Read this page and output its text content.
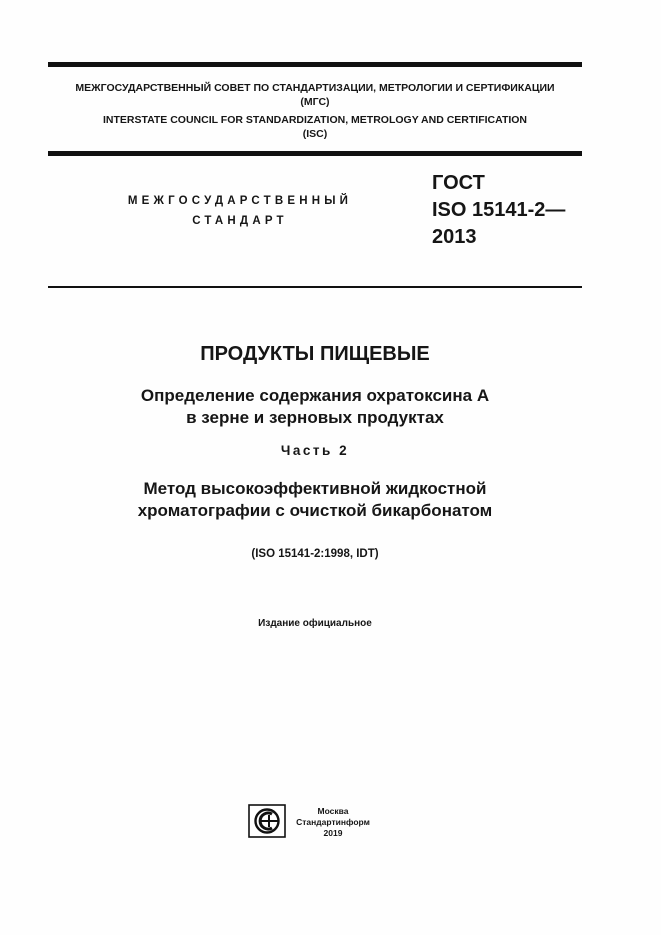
МЕЖГОСУДАРСТВЕННЫЙ СОВЕТ ПО СТАНДАРТИЗАЦИИ, МЕТРОЛОГИИ И СЕРТИФИКАЦИИ
(МГС)
INTERSTATE COUNCIL FOR STANDARDIZATION, METROLOGY AND CERTIFICATION
(ISC)
МЕЖГОСУДАРСТВЕННЫЙ
СТАНДАРТ
ГОСТ
ISO 15141-2—
2013
ПРОДУКТЫ ПИЩЕВЫЕ
Определение содержания охратоксина А
в зерне и зерновых продуктах
Часть 2
Метод высокоэффективной жидкостной
хроматографии с очисткой бикарбонатом
(ISO 15141-2:1998, IDT)
Издание официальное
Москва
Стандартинформ
2019
